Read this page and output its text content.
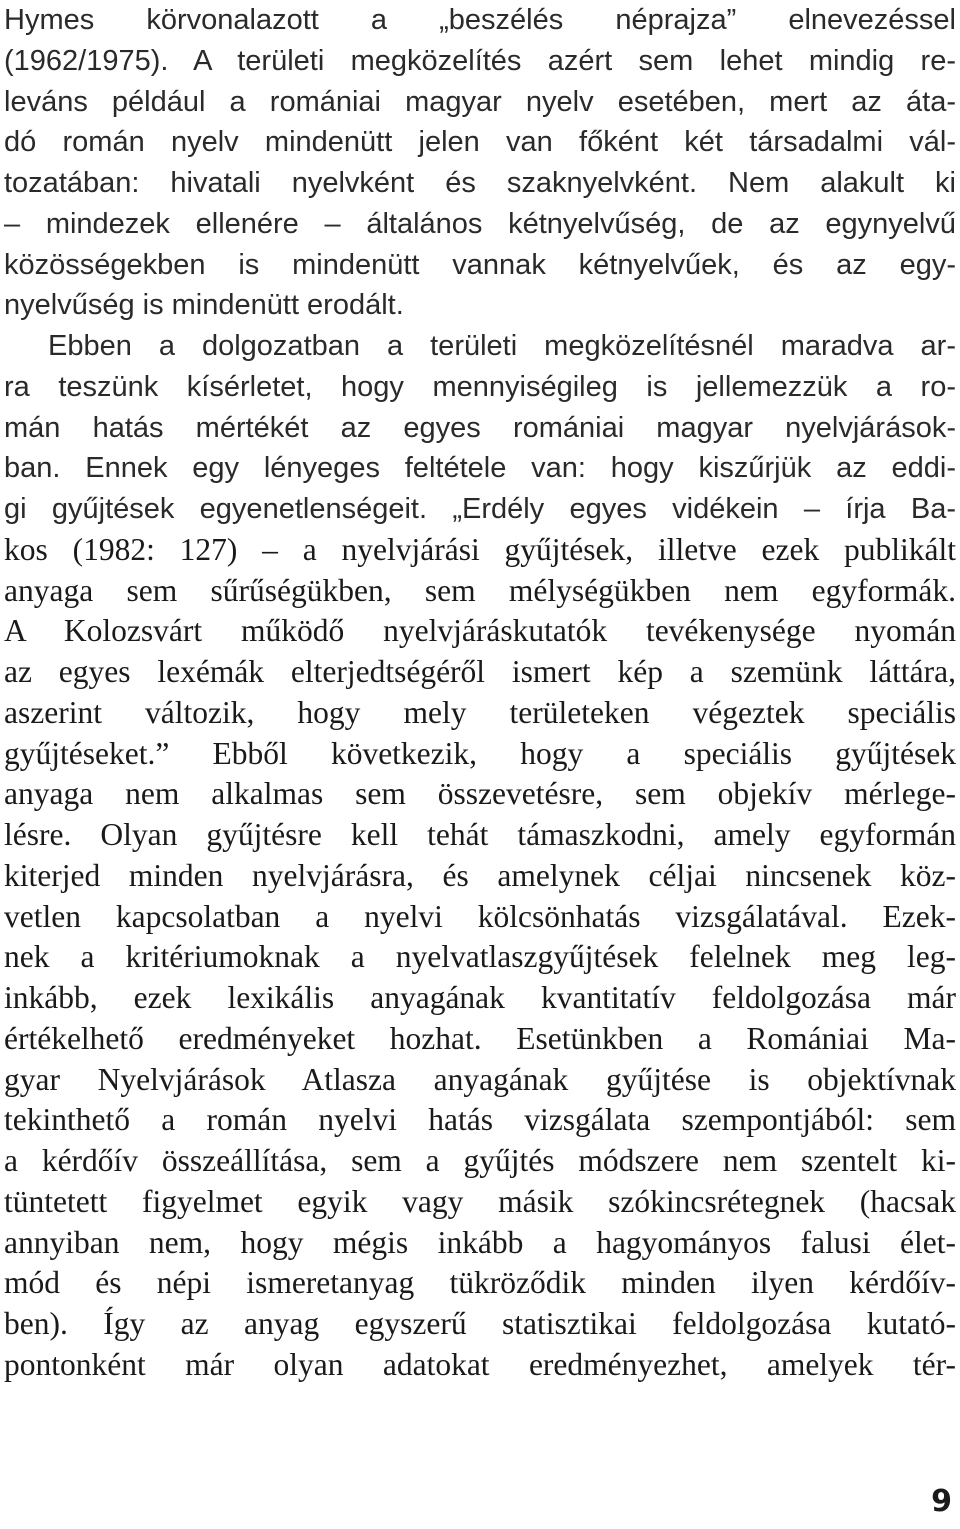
Hymes körvonalazott a „beszélés néprajza” elnevezéssel
(1962/1975). A területi megközelítés azért sem lehet mindig re-
leváns például a romániai magyar nyelv esetében, mert az áta-
dó román nyelv mindenütt jelen van főként két társadalmi vál-
tozatában: hivatali nyelvként és szaknyelvként. Nem alakult ki
– mindezek ellenére – általános kétnyelvűség, de az egynyelvű
közösségekben is mindenütt vannak kétnyelvűek, és az egy-
nyelvűség is mindenütt erodált.
Ebben a dolgozatban a területi megközelítésnél maradva ar-
ra teszünk kísérletet, hogy mennyiségileg is jellemezzük a ro-
mán hatás mértékét az egyes romániai magyar nyelvjárások-
ban. Ennek egy lényeges feltétele van: hogy kiszűrjük az eddi-
gi gyűjtések egyenetlenségeit. „Erdély egyes vidékein – írja Ba-
kos (1982: 127) – a nyelvjárási gyűjtések, illetve ezek publikált
anyaga sem sűrűségükben, sem mélységükben nem egyformák.
A Kolozsvárt működő nyelvjáráskutatók tevékenysége nyomán
az egyes lexémák elterjedtségéről ismert kép a szemünk láttára,
aszerint változik, hogy mely területeken végeztek speciális
gyűjtéseket.” Ebből következik, hogy a speciális gyűjtések
anyaga nem alkalmas sem összevetésre, sem objekív mérlege-
lésre. Olyan gyűjtésre kell tehát támaszkodni, amely egyformán
kiterjed minden nyelvjárásra, és amelynek céljai nincsenek köz-
vetlen kapcsolatban a nyelvi kölcsönhatás vizsgálatával. Ezek-
nek a kritériumoknak a nyelvatlaszgyűjtések felelnek meg leg-
inkább, ezek lexikális anyagának kvantitatív feldolgozása már
értékelhető eredményeket hozhat. Esetünkben a Romániai Ma-
gyar Nyelvjárások Atlasza anyagának gyűjtése is objektívnak
tekinthető a román nyelvi hatás vizsgálata szempontjából: sem
a kérdőív összeállítása, sem a gyűjtés módszere nem szentelt ki-
tüntetett figyelmet egyik vagy másik szókincsrétegnek (hacsak
annyiban nem, hogy mégis inkább a hagyományos falusi élet-
mód és népi ismeretanyag tükröződik minden ilyen kérdőív-
ben). Így az anyag egyszerű statisztikai feldolgozása kutató-
pontonként már olyan adatokat eredményezhet, amelyek tér-
9
